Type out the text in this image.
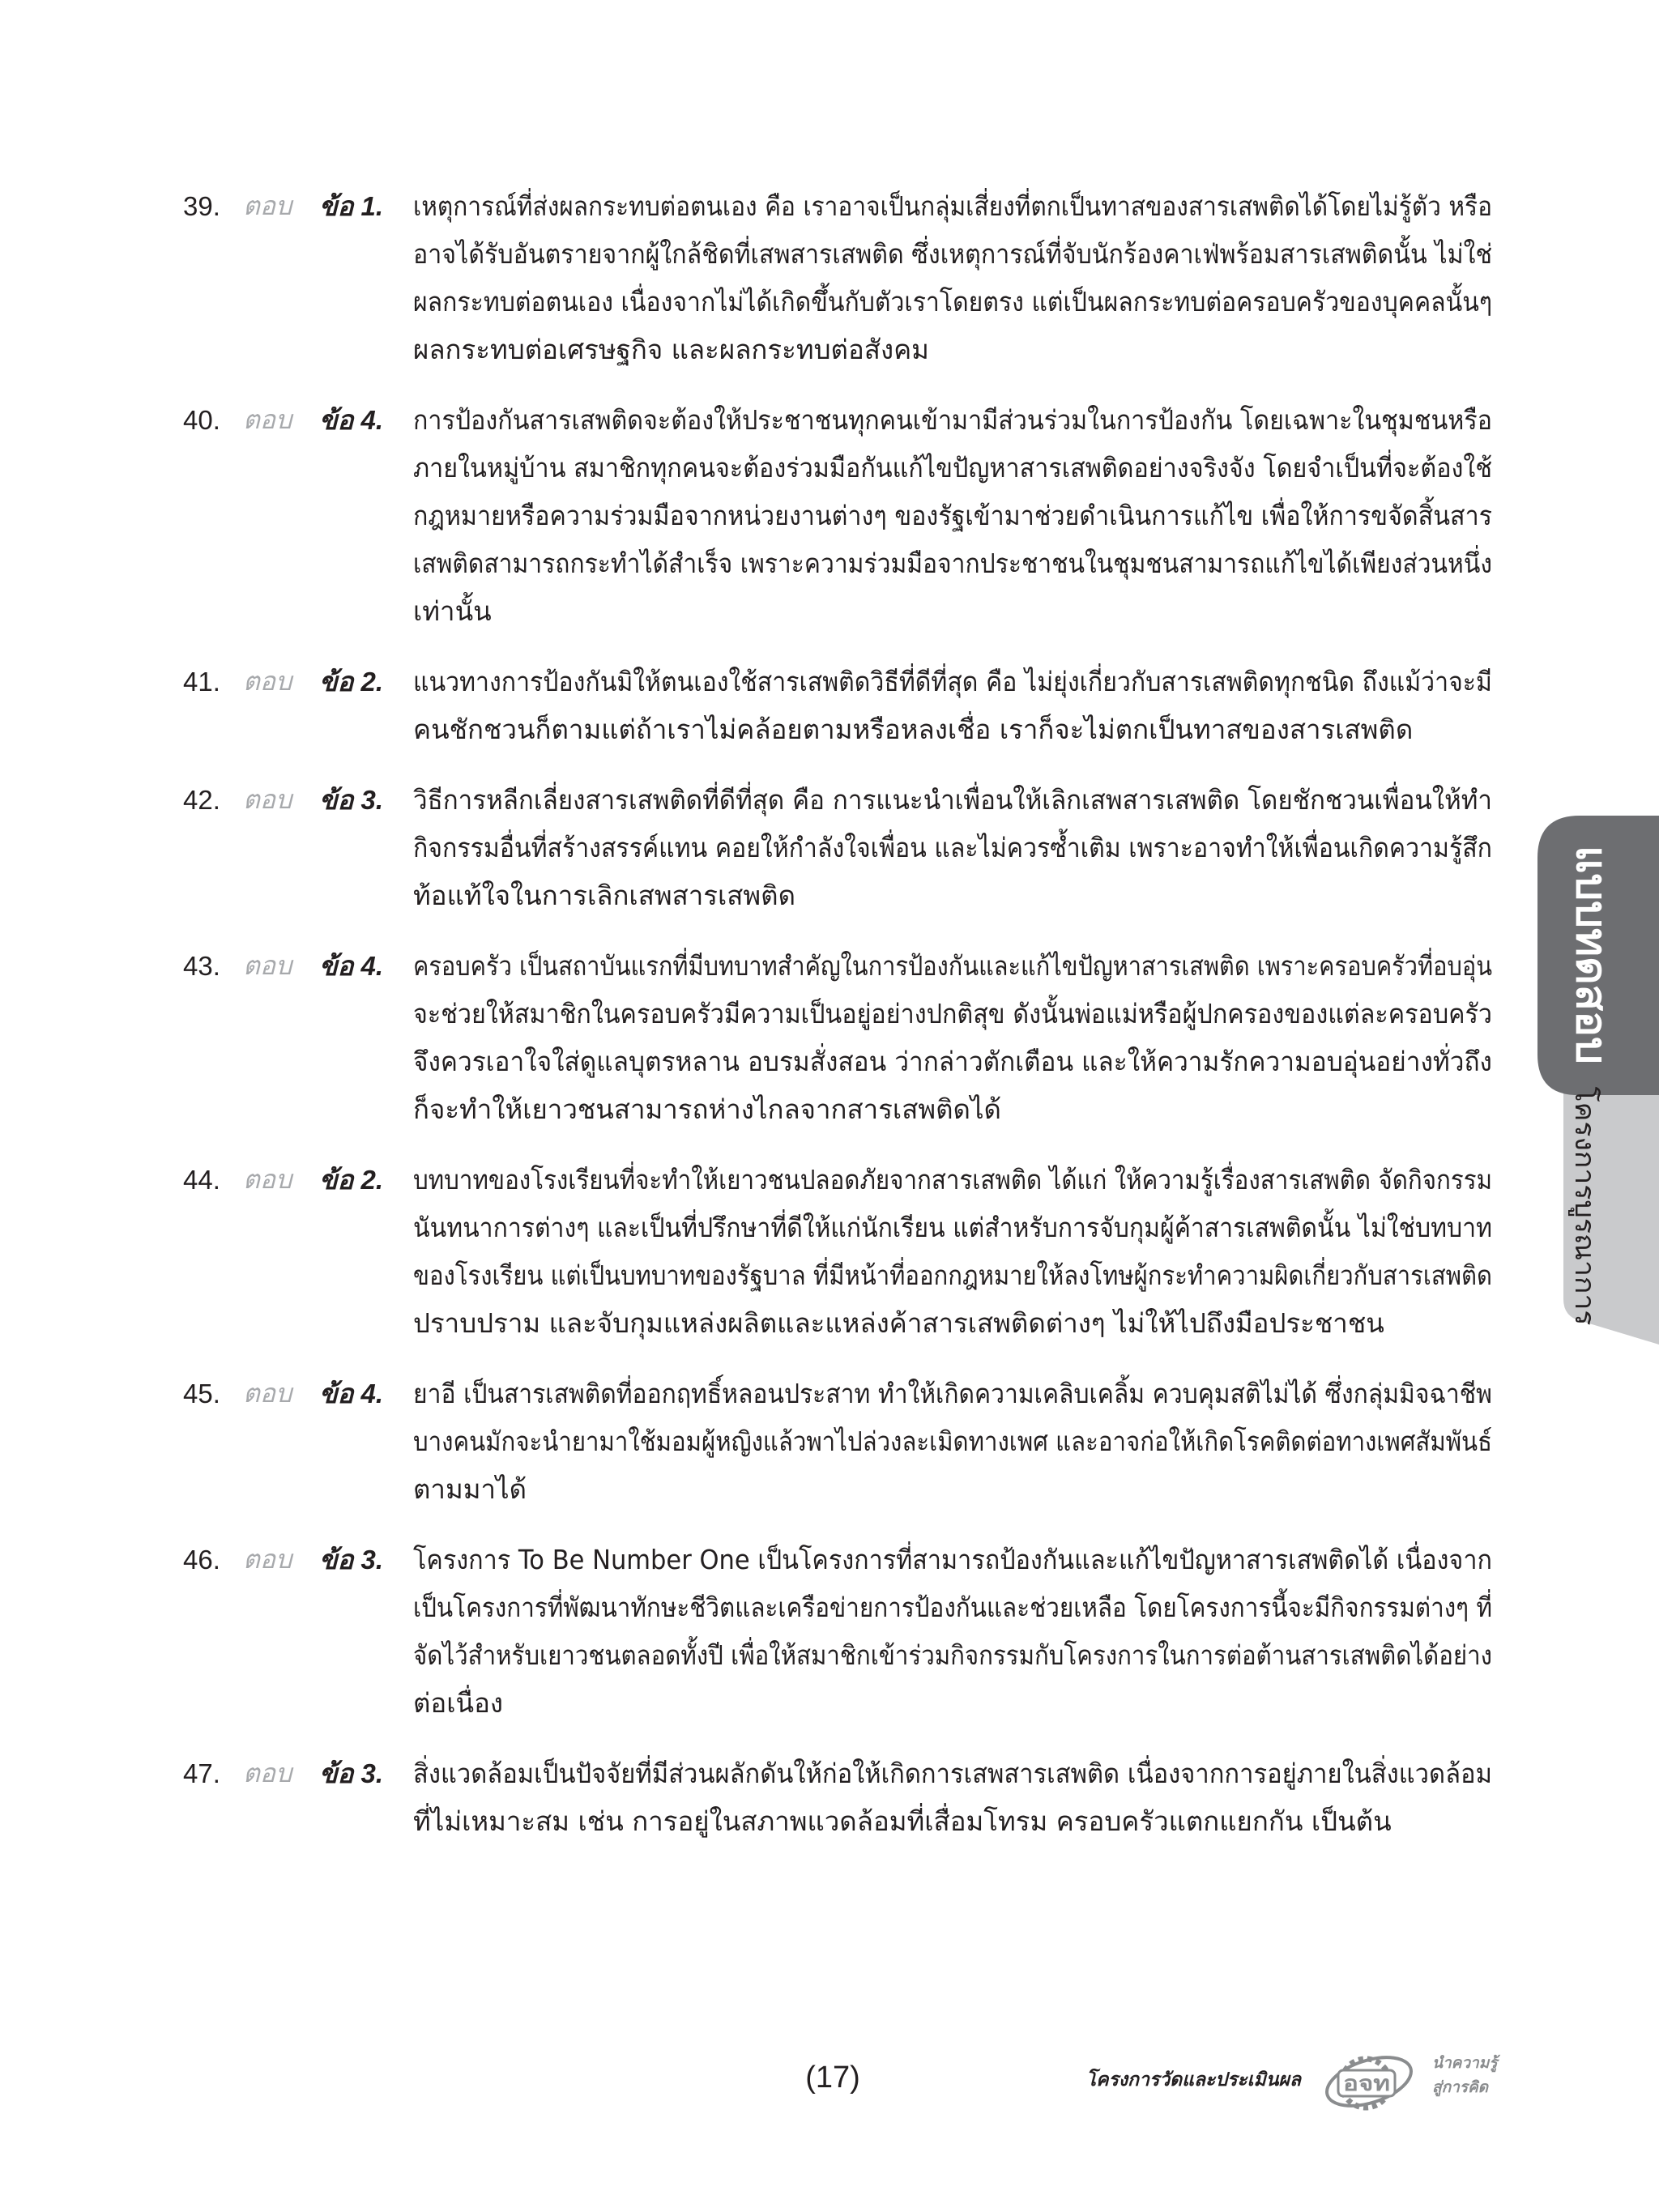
39. ตอบ ข้อ 1. เหตุการณ์ที่ส่งผลกระทบต่อตนเอง คือ เราอาจเป็นกลุ่มเสี่ยงที่ตกเป็นทาสของสารเสพติดได้โดยไม่รู้ตัว หรือ
อาจได้รับอันตรายจากผู้ใกล้ชิดที่เสพสารเสพติด ซึ่งเหตุการณ์ที่จับนักร้องคาเฟ่พร้อมสารเสพติดนั้น ไม่ใช่
ผลกระทบต่อตนเอง เนื่องจากไม่ได้เกิดขึ้นกับตัวเราโดยตรง แต่เป็นผลกระทบต่อครอบครัวของบุคคลนั้นๆ
ผลกระทบต่อเศรษฐกิจ และผลกระทบต่อสังคม
40. ตอบ ข้อ 4. การป้องกันสารเสพติดจะต้องให้ประชาชนทุกคนเข้ามามีส่วนร่วมในการป้องกัน โดยเฉพาะในชุมชนหรือ
ภายในหมู่บ้าน สมาชิกทุกคนจะต้องร่วมมือกันแก้ไขปัญหาสารเสพติดอย่างจริงจัง โดยจำเป็นที่จะต้องใช้
กฎหมายหรือความร่วมมือจากหน่วยงานต่างๆ ของรัฐเข้ามาช่วยดำเนินการแก้ไข เพื่อให้การขจัดสิ้นสาร
เสพติดสามารถกระทำได้สำเร็จ เพราะความร่วมมือจากประชาชนในชุมชนสามารถแก้ไขได้เพียงส่วนหนึ่ง
เท่านั้น
41. ตอบ ข้อ 2. แนวทางการป้องกันมิให้ตนเองใช้สารเสพติดวิธีที่ดีที่สุด คือ ไม่ยุ่งเกี่ยวกับสารเสพติดทุกชนิด ถึงแม้ว่าจะมี
คนชักชวนก็ตามแต่ถ้าเราไม่คล้อยตามหรือหลงเชื่อ เราก็จะไม่ตกเป็นทาสของสารเสพติด
42. ตอบ ข้อ 3. วิธีการหลีกเลี่ยงสารเสพติดที่ดีที่สุด คือ การแนะนำเพื่อนให้เลิกเสพสารเสพติด โดยชักชวนเพื่อนให้ทำ
กิจกรรมอื่นที่สร้างสรรค์แทน คอยให้กำลังใจเพื่อน และไม่ควรซ้ำเติม เพราะอาจทำให้เพื่อนเกิดความรู้สึก
ท้อแท้ใจในการเลิกเสพสารเสพติด
43. ตอบ ข้อ 4. ครอบครัว เป็นสถาบันแรกที่มีบทบาทสำคัญในการป้องกันและแก้ไขปัญหาสารเสพติด เพราะครอบครัวที่อบอุ่น
จะช่วยให้สมาชิกในครอบครัวมีความเป็นอยู่อย่างปกติสุข ดังนั้นพ่อแม่หรือผู้ปกครองของแต่ละครอบครัว
จึงควรเอาใจใส่ดูแลบุตรหลาน อบรมสั่งสอน ว่ากล่าวตักเตือน และให้ความรักความอบอุ่นอย่างทั่วถึง
ก็จะทำให้เยาวชนสามารถห่างไกลจากสารเสพติดได้
44. ตอบ ข้อ 2. บทบาทของโรงเรียนที่จะทำให้เยาวชนปลอดภัยจากสารเสพติด ได้แก่ ให้ความรู้เรื่องสารเสพติด จัดกิจกรรม
นันทนาการต่างๆ และเป็นที่ปรึกษาที่ดีให้แก่นักเรียน แต่สำหรับการจับกุมผู้ค้าสารเสพติดนั้น ไม่ใช่บทบาท
ของโรงเรียน แต่เป็นบทบาทของรัฐบาล ที่มีหน้าที่ออกกฎหมายให้ลงโทษผู้กระทำความผิดเกี่ยวกับสารเสพติด
ปราบปราม และจับกุมแหล่งผลิตและแหล่งค้าสารเสพติดต่างๆ ไม่ให้ไปถึงมือประชาชน
45. ตอบ ข้อ 4. ยาอี เป็นสารเสพติดที่ออกฤทธิ์หลอนประสาท ทำให้เกิดความเคลิบเคลิ้ม ควบคุมสติไม่ได้ ซึ่งกลุ่มมิจฉาชีพ
บางคนมักจะนำยามาใช้มอมผู้หญิงแล้วพาไปล่วงละเมิดทางเพศ และอาจก่อให้เกิดโรคติดต่อทางเพศสัมพันธ์
ตามมาได้
46. ตอบ ข้อ 3. โครงการ To Be Number One เป็นโครงการที่สามารถป้องกันและแก้ไขปัญหาสารเสพติดได้ เนื่องจาก
เป็นโครงการที่พัฒนาทักษะชีวิตและเครือข่ายการป้องกันและช่วยเหลือ โดยโครงการนี้จะมีกิจกรรมต่างๆ ที่
จัดไว้สำหรับเยาวชนตลอดทั้งปี เพื่อให้สมาชิกเข้าร่วมกิจกรรมกับโครงการในการต่อต้านสารเสพติดได้อย่าง
ต่อเนื่อง
47. ตอบ ข้อ 3. สิ่งแวดล้อมเป็นปัจจัยที่มีส่วนผลักดันให้ก่อให้เกิดการเสพสารเสพติด เนื่องจากการอยู่ภายในสิ่งแวดล้อม
ที่ไม่เหมาะสม เช่น การอยู่ในสภาพแวดล้อมที่เสื่อมโทรม ครอบครัวแตกแยกกัน เป็นต้น
แบบทดสอบ
โครงการบูรณาการ
(17)	โครงการวัดและประเมินผล อจท
นำความรู้
สู่การคิด
